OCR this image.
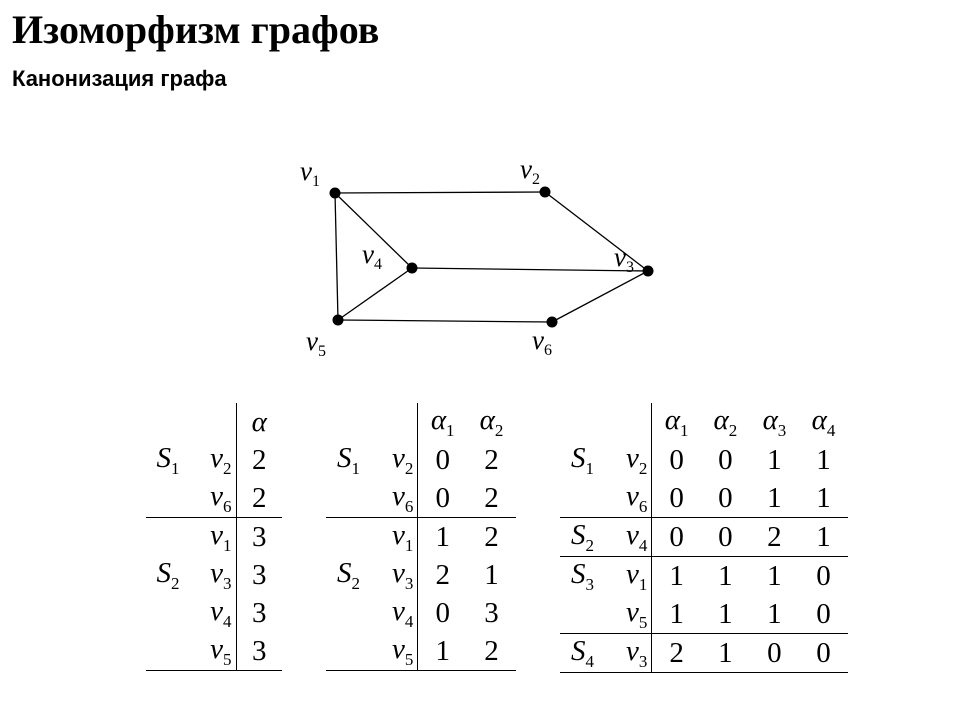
Изоморфизм графов
Канонизация графа
$v_1$	$v_2$
$v_3$
$v_4$
$v_5$	$v_6$
		α
$S_1$	$v_2$	2
	$v_6$	2
	$v_1$	3
$S_2$	$v_3$	3
	$v_4$	3
	$v_5$	3
		$\alpha_1$	$\alpha_2$
$S_1$	$v_2$	0	2
	$v_6$	0	2
	$v_1$	1	2
$S_2$	$v_3$	2	1
	$v_4$	0	3
	$v_5$	1	2
		$\alpha_1$	$\alpha_2$	$\alpha_3$	$\alpha_4$
$S_1$	$v_2$	0	0	1	1
	$v_6$	0	0	1	1
$S_2$	$v_4$	0	0	2	1
$S_3$	$v_1$	1	1	1	0
	$v_5$	1	1	1	0
$S_4$	$v_3$	2	1	0	0
